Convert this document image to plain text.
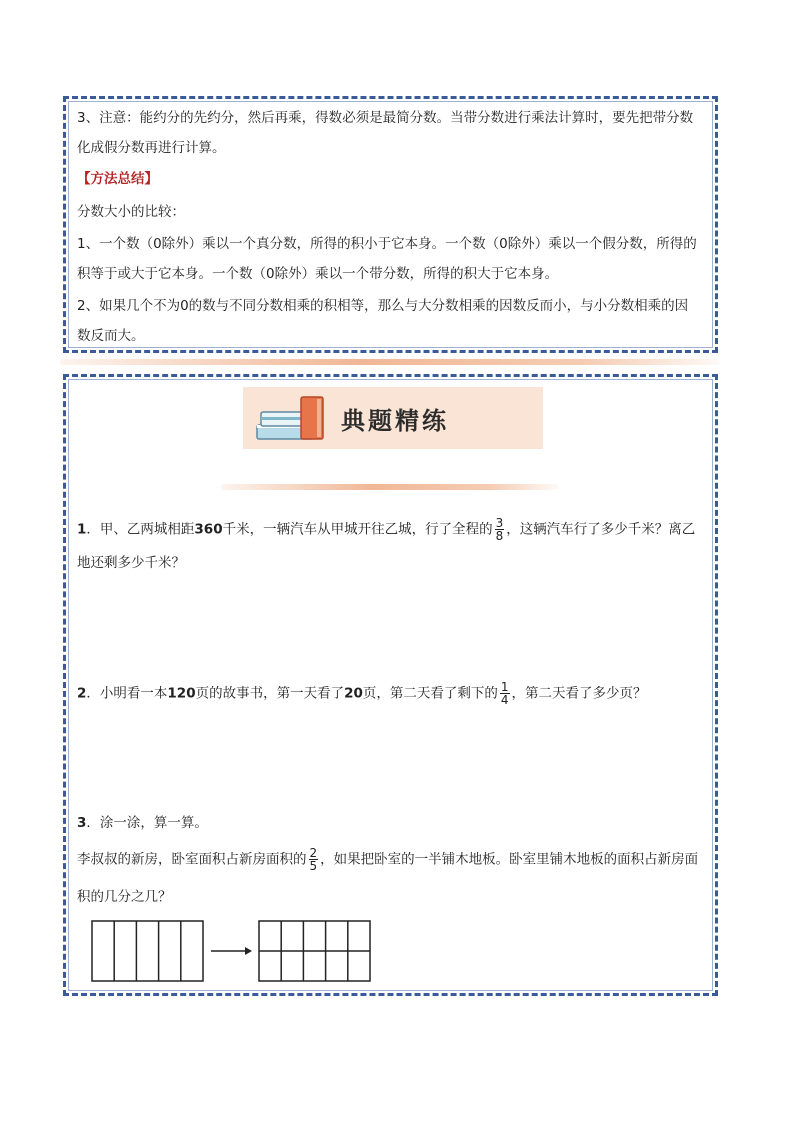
3、注意：能约分的先约分，然后再乘，得数必须是最简分数。当带分数进行乘法计算时，要先把带分数
化成假分数再进行计算。
【方法总结】
分数大小的比较：
1、一个数（0除外）乘以一个真分数，所得的积小于它本身。一个数（0除外）乘以一个假分数，所得的
积等于或大于它本身。一个数（0除外）乘以一个带分数，所得的积大于它本身。
2、如果几个不为0的数与不同分数相乘的积相等，那么与大分数相乘的因数反而小，与小分数相乘的因
数反而大。
典题精练
1．甲、乙两城相距360千米，一辆汽车从甲城开往乙城，行了全程的 $\frac{3}{8}$ ，这辆汽车行了多少千米？离乙
地还剩多少千米？
2．小明看一本120页的故事书，第一天看了20页，第二天看了剩下的 $\frac{1}{4}$ ，第二天看了多少页？
3．涂一涂，算一算。
李叔叔的新房，卧室面积占新房面积的 $\frac{2}{5}$ ，如果把卧室的一半铺木地板。卧室里铺木地板的面积占新房面
积的几分之几？
